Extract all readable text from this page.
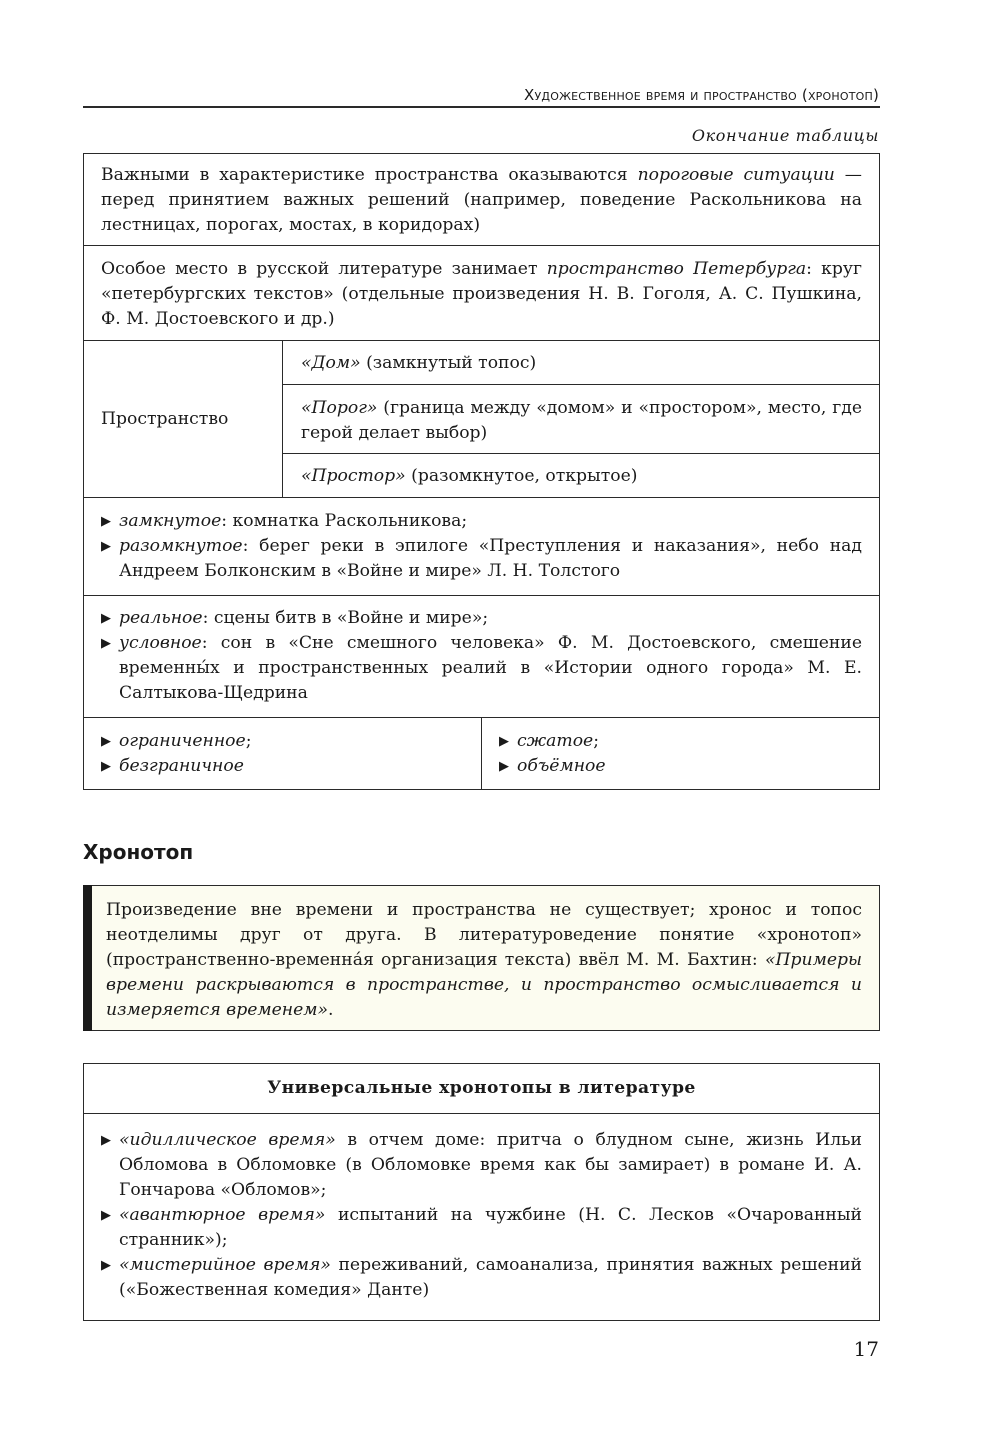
Художественное время и пространство (хронотоп)
Окончание таблицы
Важными в характеристике пространства оказываются пороговые ситуации — перед принятием важных решений (например, поведение Раскольникова на лестницах, порогах, мостах, в коридорах)
Особое место в русской литературе занимает пространство Петербурга: круг «петербургских текстов» (отдельные произведения Н. В. Гоголя, А. С. Пушкина, Ф. М. Достоевского и др.)
Пространство
«Дом» (замкнутый топос)
«Порог» (граница между «домом» и «простором», место, где герой делает выбор)
«Простор» (разомкнутое, открытое)
▶ замкнутое: комнатка Раскольникова;
▶ разомкнутое: берег реки в эпилоге «Преступления и наказания», небо над Андреем Болконским в «Войне и мире» Л. Н. Толстого
▶ реальное: сцены битв в «Войне и мире»;
▶ условное: сон в «Сне смешного человека» Ф. М. Достоевского, смешение временны́х и пространственных реалий в «Истории одного города» М. Е. Салтыкова-Щедрина
▶ ограниченное;
▶ безграничное
▶ сжатое;
▶ объёмное
Хронотоп
Произведение вне времени и пространства не существует; хронос и топос неотделимы друг от друга. В литературоведение понятие «хронотоп» (пространственно-временна́я организация текста) ввёл М. М. Бахтин: «Примеры времени раскрываются в пространстве, и пространство осмысливается и измеряется временем».
Универсальные хронотопы в литературе
▶ «идиллическое время» в отчем доме: притча о блудном сыне, жизнь Ильи Обломова в Обломовке (в Обломовке время как бы замирает) в романе И. А. Гончарова «Обломов»;
▶ «авантюрное время» испытаний на чужбине (Н. С. Лесков «Очарованный странник»);
▶ «мистерийное время» переживаний, самоанализа, принятия важных решений («Божественная комедия» Данте)
17
